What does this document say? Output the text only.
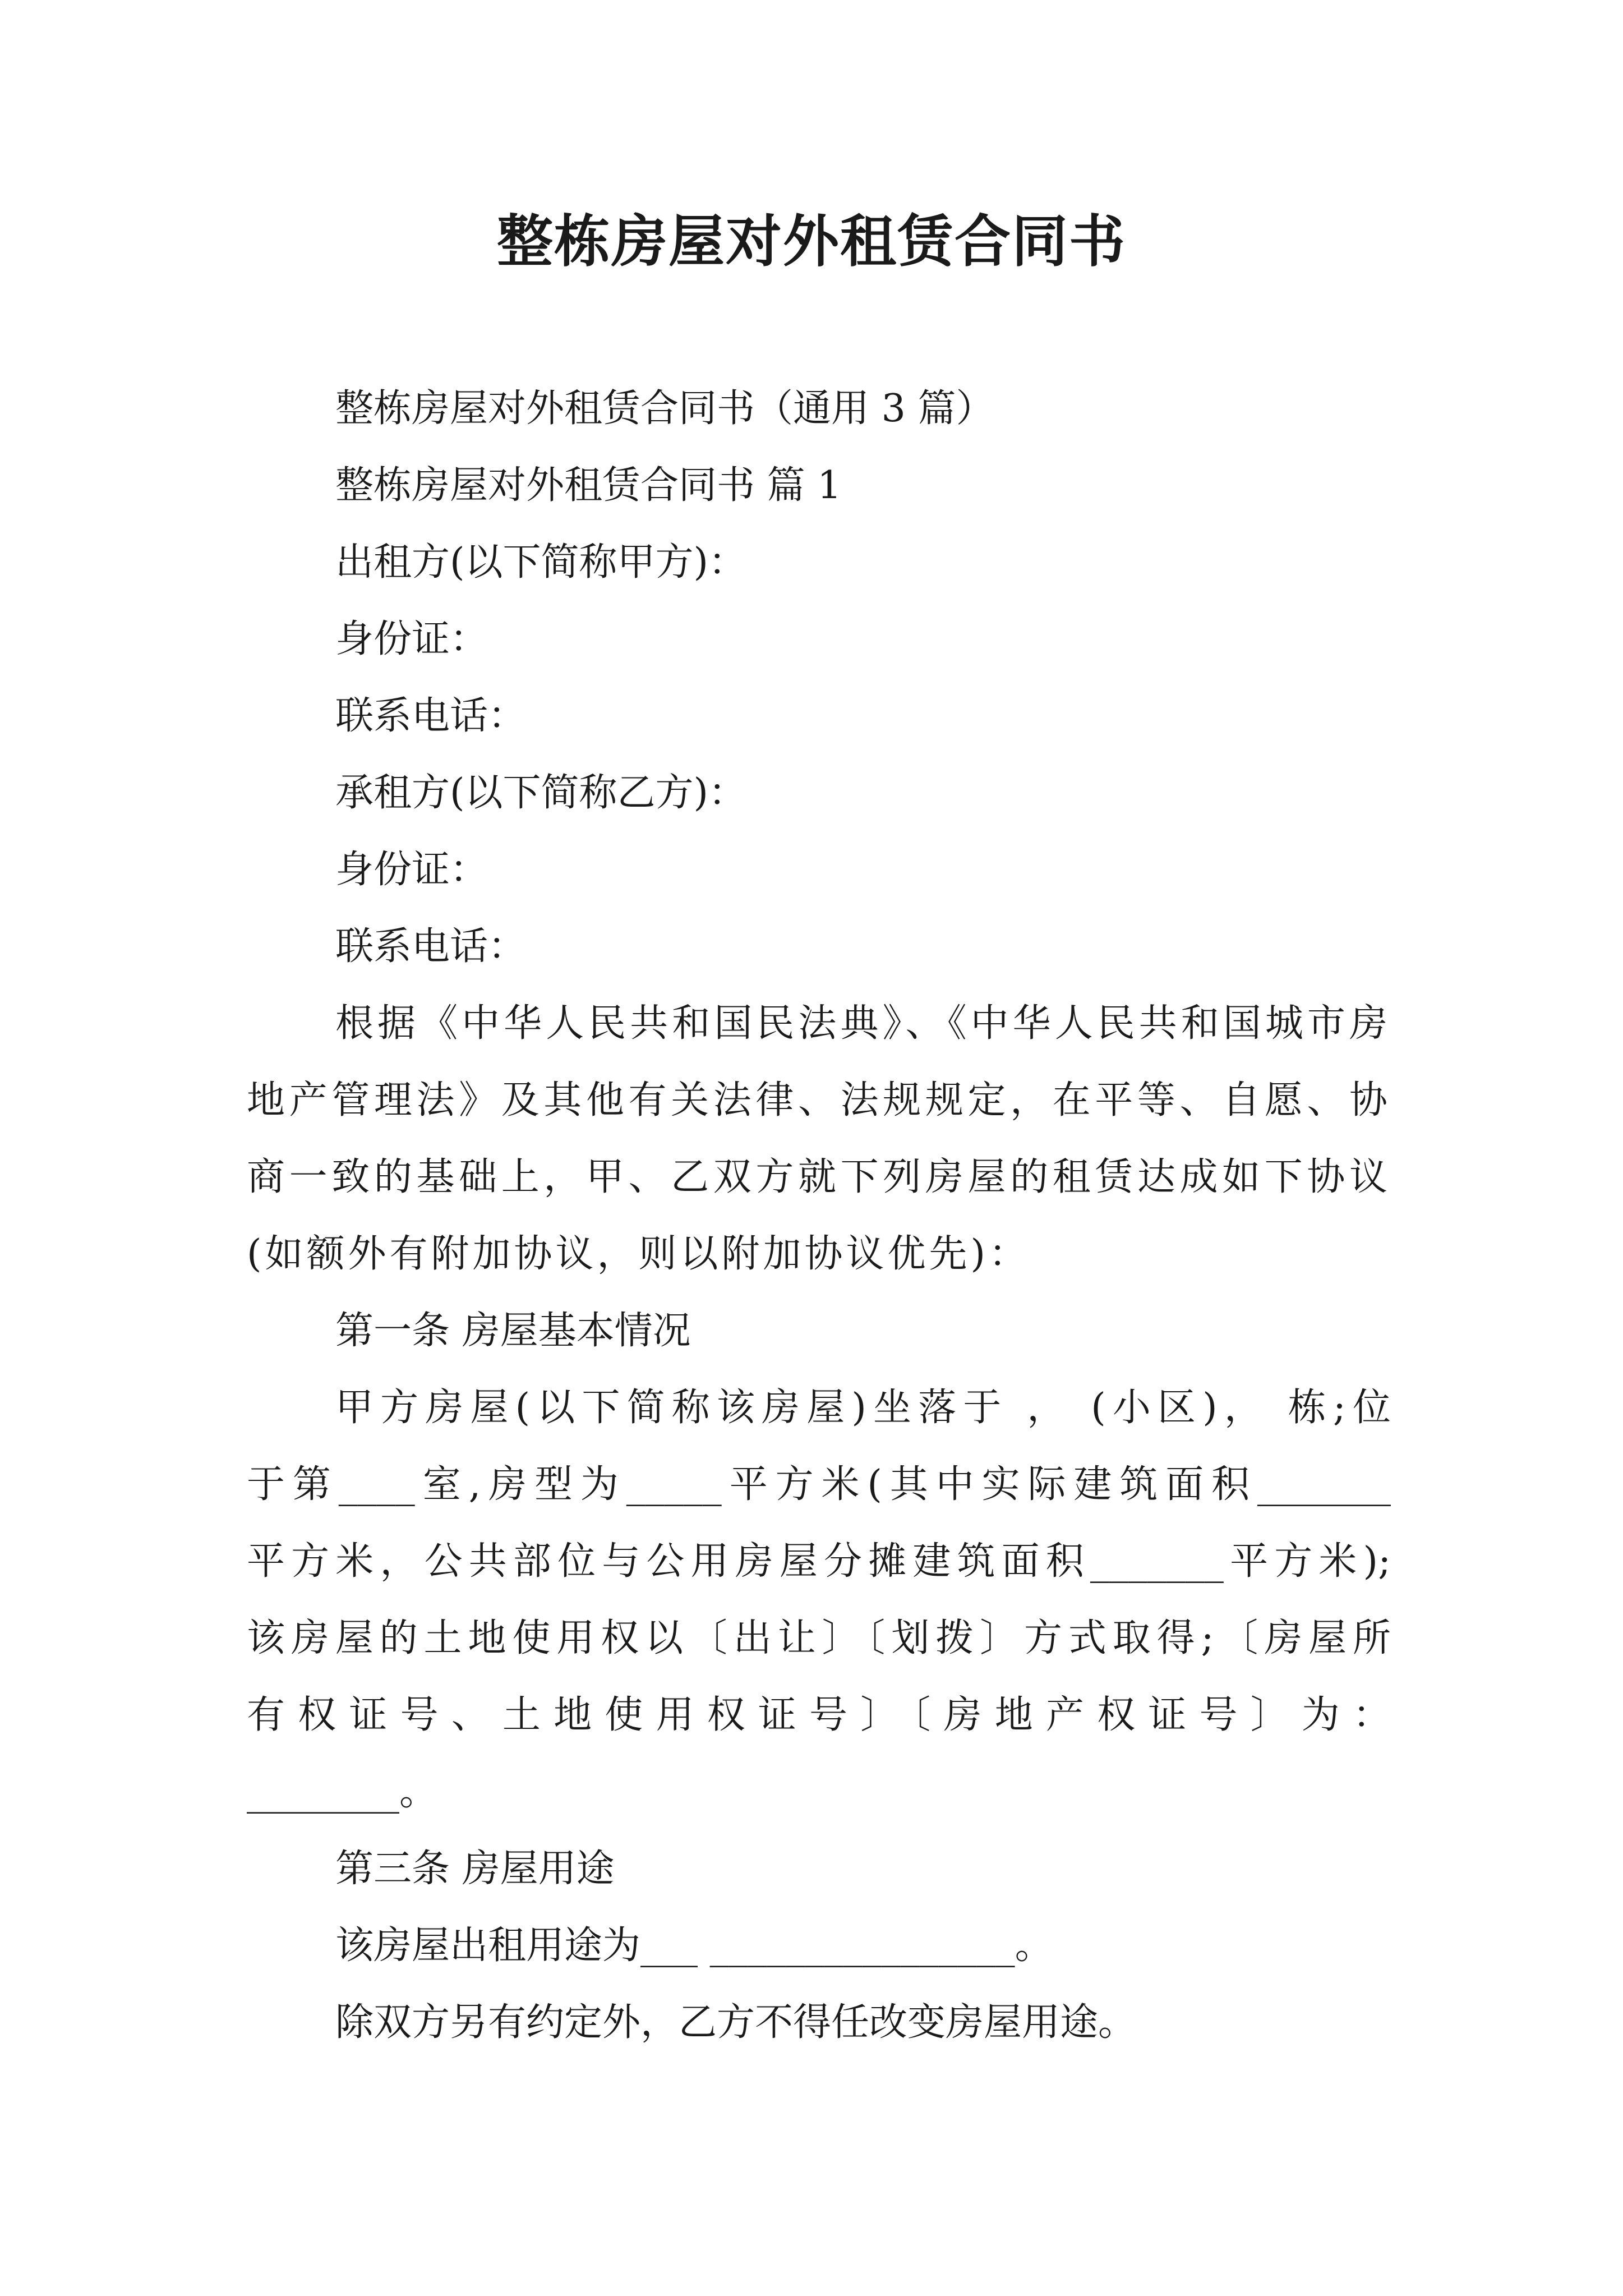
整栋房屋对外租赁合同书
整栋房屋对外租赁合同书（通用 3 篇）
整栋房屋对外租赁合同书 篇 1
出租方(以下简称甲方)：
身份证：
联系电话：
承租方(以下简称乙方)：
身份证：
联系电话：
根据《中华人民共和国民法典》、《中华人民共和国城市房地产管理法》及其他有关法律、法规规定，在平等、自愿、协商一致的基础上，甲、乙双方就下列房屋的租赁达成如下协议(如额外有附加协议，则以附加协议优先)：
第一条 房屋基本情况
甲方房屋(以下简称该房屋)坐落于 ， (小区)， 栋;位
于第____室,房型为_____平方米(其中实际建筑面积_______
平方米，公共部位与公用房屋分摊建筑面积_______平方米);
该房屋的土地使用权以〔出让〕〔划拨〕方式取得;〔房屋所
有权证号、土地使用权证号〕〔房地产权证号〕为：
________。
第三条 房屋用途
该房屋出租用途为___ ________________。
除双方另有约定外，乙方不得任改变房屋用途。
